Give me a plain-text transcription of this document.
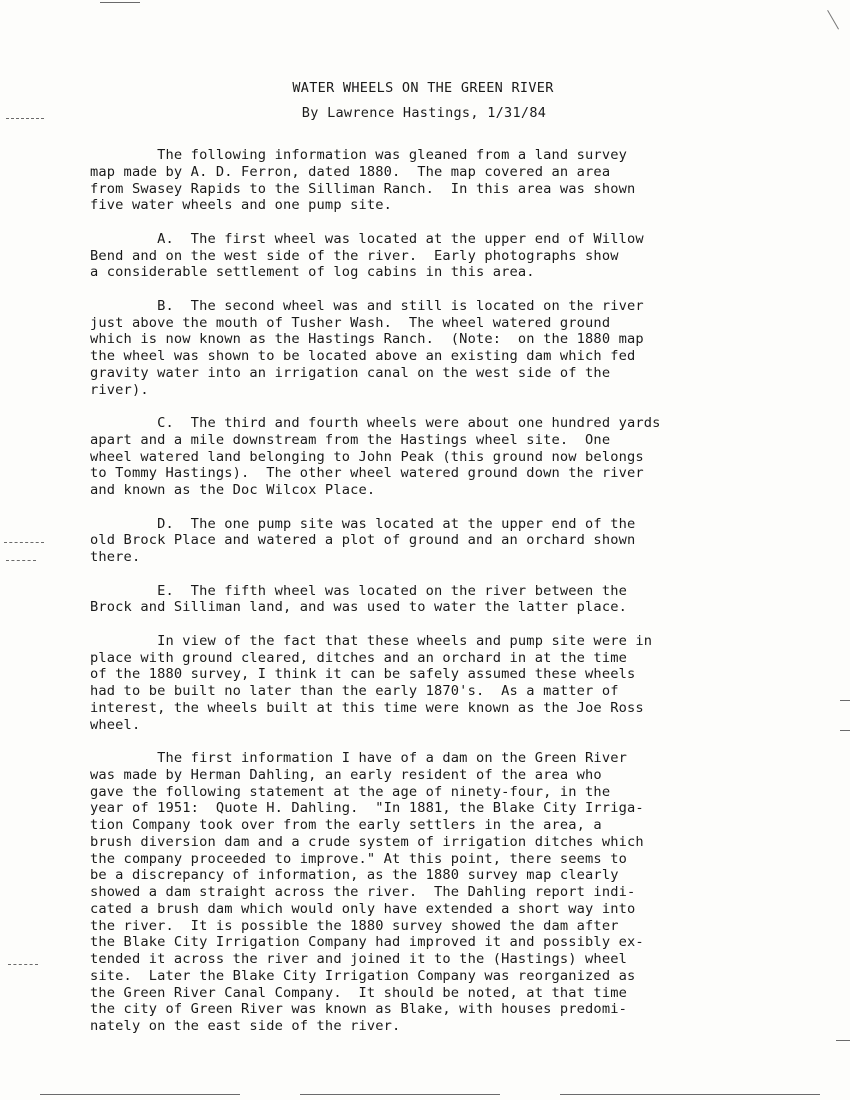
WATER WHEELS ON THE GREEN RIVER
By Lawrence Hastings, 1/31/84

The following information was gleaned from a land survey
map made by A. D. Ferron, dated 1880.  The map covered an area
from Swasey Rapids to the Silliman Ranch.  In this area was shown
five water wheels and one pump site.

A.  The first wheel was located at the upper end of Willow
Bend and on the west side of the river.  Early photographs show
a considerable settlement of log cabins in this area.

B.  The second wheel was and still is located on the river
just above the mouth of Tusher Wash.  The wheel watered ground
which is now known as the Hastings Ranch.  (Note:  on the 1880 map
the wheel was shown to be located above an existing dam which fed
gravity water into an irrigation canal on the west side of the
river).

C.  The third and fourth wheels were about one hundred yards
apart and a mile downstream from the Hastings wheel site.  One
wheel watered land belonging to John Peak (this ground now belongs
to Tommy Hastings).  The other wheel watered ground down the river
and known as the Doc Wilcox Place.

D.  The one pump site was located at the upper end of the
old Brock Place and watered a plot of ground and an orchard shown
there.

E.  The fifth wheel was located on the river between the
Brock and Silliman land, and was used to water the latter place.

In view of the fact that these wheels and pump site were in
place with ground cleared, ditches and an orchard in at the time
of the 1880 survey, I think it can be safely assumed these wheels
had to be built no later than the early 1870's.  As a matter of
interest, the wheels built at this time were known as the Joe Ross
wheel.

The first information I have of a dam on the Green River
was made by Herman Dahling, an early resident of the area who
gave the following statement at the age of ninety-four, in the
year of 1951:  Quote H. Dahling.  "In 1881, the Blake City Irriga-
tion Company took over from the early settlers in the area, a
brush diversion dam and a crude system of irrigation ditches which
the company proceeded to improve." At this point, there seems to
be a discrepancy of information, as the 1880 survey map clearly
showed a dam straight across the river.  The Dahling report indi-
cated a brush dam which would only have extended a short way into
the river.  It is possible the 1880 survey showed the dam after
the Blake City Irrigation Company had improved it and possibly ex-
tended it across the river and joined it to the (Hastings) wheel
site.  Later the Blake City Irrigation Company was reorganized as
the Green River Canal Company.  It should be noted, at that time
the city of Green River was known as Blake, with houses predomi-
nately on the east side of the river.
